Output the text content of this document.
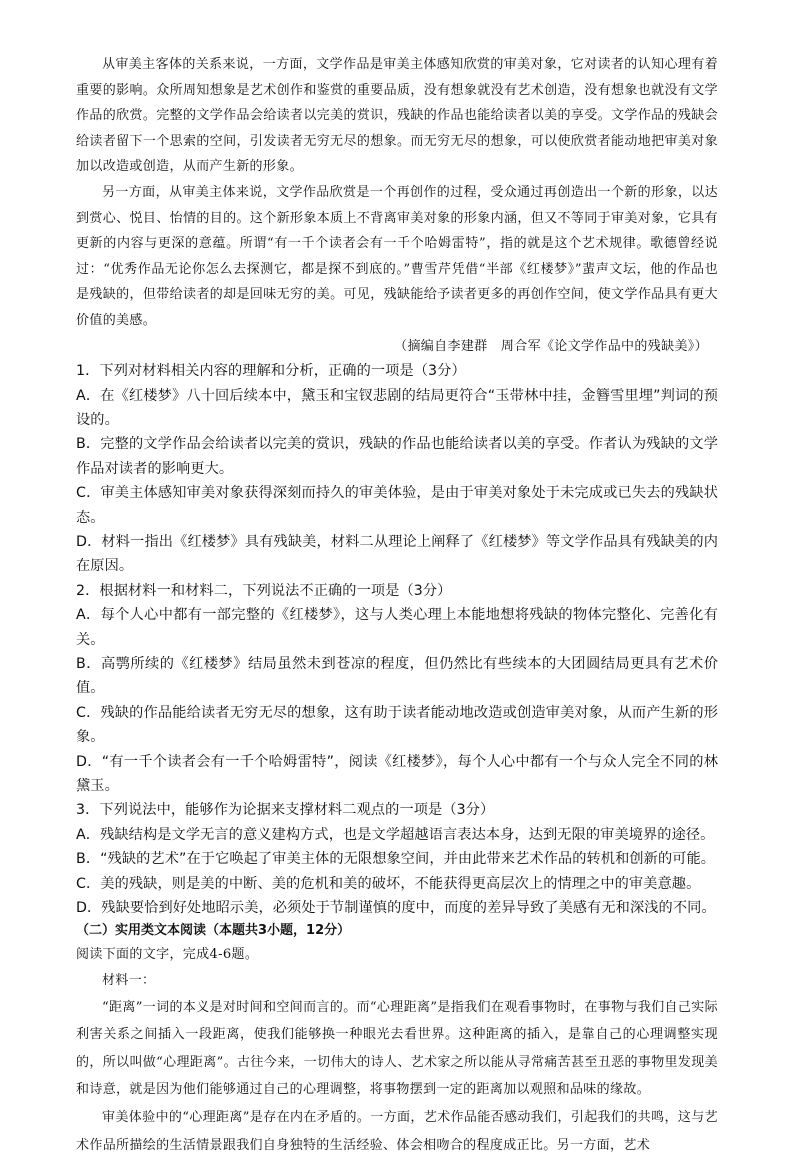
从审美主客体的关系来说，一方面，文学作品是审美主体感知欣赏的审美对象，它对读者的认知心理有着重要的影响。众所周知想象是艺术创作和鉴赏的重要品质，没有想象就没有艺术创造，没有想象也就没有文学作品的欣赏。完整的文学作品会给读者以完美的赏识，残缺的作品也能给读者以美的享受。文学作品的残缺会给读者留下一个思索的空间，引发读者无穷无尽的想象。而无穷无尽的想象，可以使欣赏者能动地把审美对象加以改造或创造，从而产生新的形象。

另一方面，从审美主体来说，文学作品欣赏是一个再创作的过程，受众通过再创造出一个新的形象，以达到赏心、悦目、怡情的目的。这个新形象本质上不背离审美对象的形象内涵，但又不等同于审美对象，它具有更新的内容与更深的意蕴。所谓“有一千个读者会有一千个哈姆雷特”，指的就是这个艺术规律。歌德曾经说过：“优秀作品无论你怎么去探测它，都是探不到底的。”曹雪芹凭借“半部《红楼梦》”蜚声文坛，他的作品也是残缺的，但带给读者的却是回味无穷的美。可见，残缺能给予读者更多的再创作空间，使文学作品具有更大价值的美感。

（摘编自李建群　周合军《论文学作品中的残缺美》）

1．下列对材料相关内容的理解和分析，正确的一项是（3分）

A．在《红楼梦》八十回后续本中，黛玉和宝钗悲剧的结局更符合“玉带林中挂，金簪雪里埋”判词的预设的。

B．完整的文学作品会给读者以完美的赏识，残缺的作品也能给读者以美的享受。作者认为残缺的文学作品对读者的影响更大。

C．审美主体感知审美对象获得深刻而持久的审美体验，是由于审美对象处于未完成或已失去的残缺状态。

D．材料一指出《红楼梦》具有残缺美，材料二从理论上阐释了《红楼梦》等文学作品具有残缺美的内在原因。

2．根据材料一和材料二，下列说法不正确的一项是（3分）

A．每个人心中都有一部完整的《红楼梦》，这与人类心理上本能地想将残缺的物体完整化、完善化有关。

B．高鹗所续的《红楼梦》结局虽然未到苍凉的程度，但仍然比有些续本的大团圆结局更具有艺术价值。

C．残缺的作品能给读者无穷无尽的想象，这有助于读者能动地改造或创造审美对象，从而产生新的形象。

D．“有一千个读者会有一千个哈姆雷特”，阅读《红楼梦》，每个人心中都有一个与众人完全不同的林黛玉。

3．下列说法中，能够作为论据来支撑材料二观点的一项是（3分）

A．残缺结构是文学无言的意义建构方式，也是文学超越语言表达本身，达到无限的审美境界的途径。

B．“残缺的艺术”在于它唤起了审美主体的无限想象空间，并由此带来艺术作品的转机和创新的可能。

C．美的残缺，则是美的中断、美的危机和美的破坏，不能获得更高层次上的情理之中的审美意趣。

D．残缺要恰到好处地昭示美，必须处于节制谨慎的度中，而度的差异导致了美感有无和深浅的不同。

（二）实用类文本阅读（本题共3小题，12分）

阅读下面的文字，完成4-6题。

材料一：

“距离”一词的本义是对时间和空间而言的。而“心理距离”是指我们在观看事物时，在事物与我们自己实际利害关系之间插入一段距离，使我们能够换一种眼光去看世界。这种距离的插入，是靠自己的心理调整实现的，所以叫做“心理距离”。古往今来，一切伟大的诗人、艺术家之所以能从寻常痛苦甚至丑恶的事物里发现美和诗意，就是因为他们能够通过自己的心理调整，将事物摆到一定的距离加以观照和品味的缘故。

审美体验中的“心理距离”是存在内在矛盾的。一方面，艺术作品能否感动我们，引起我们的共鸣，这与艺术作品所描绘的生活情景跟我们自身独特的生活经验、体会相吻合的程度成正比。另一方面，艺术
